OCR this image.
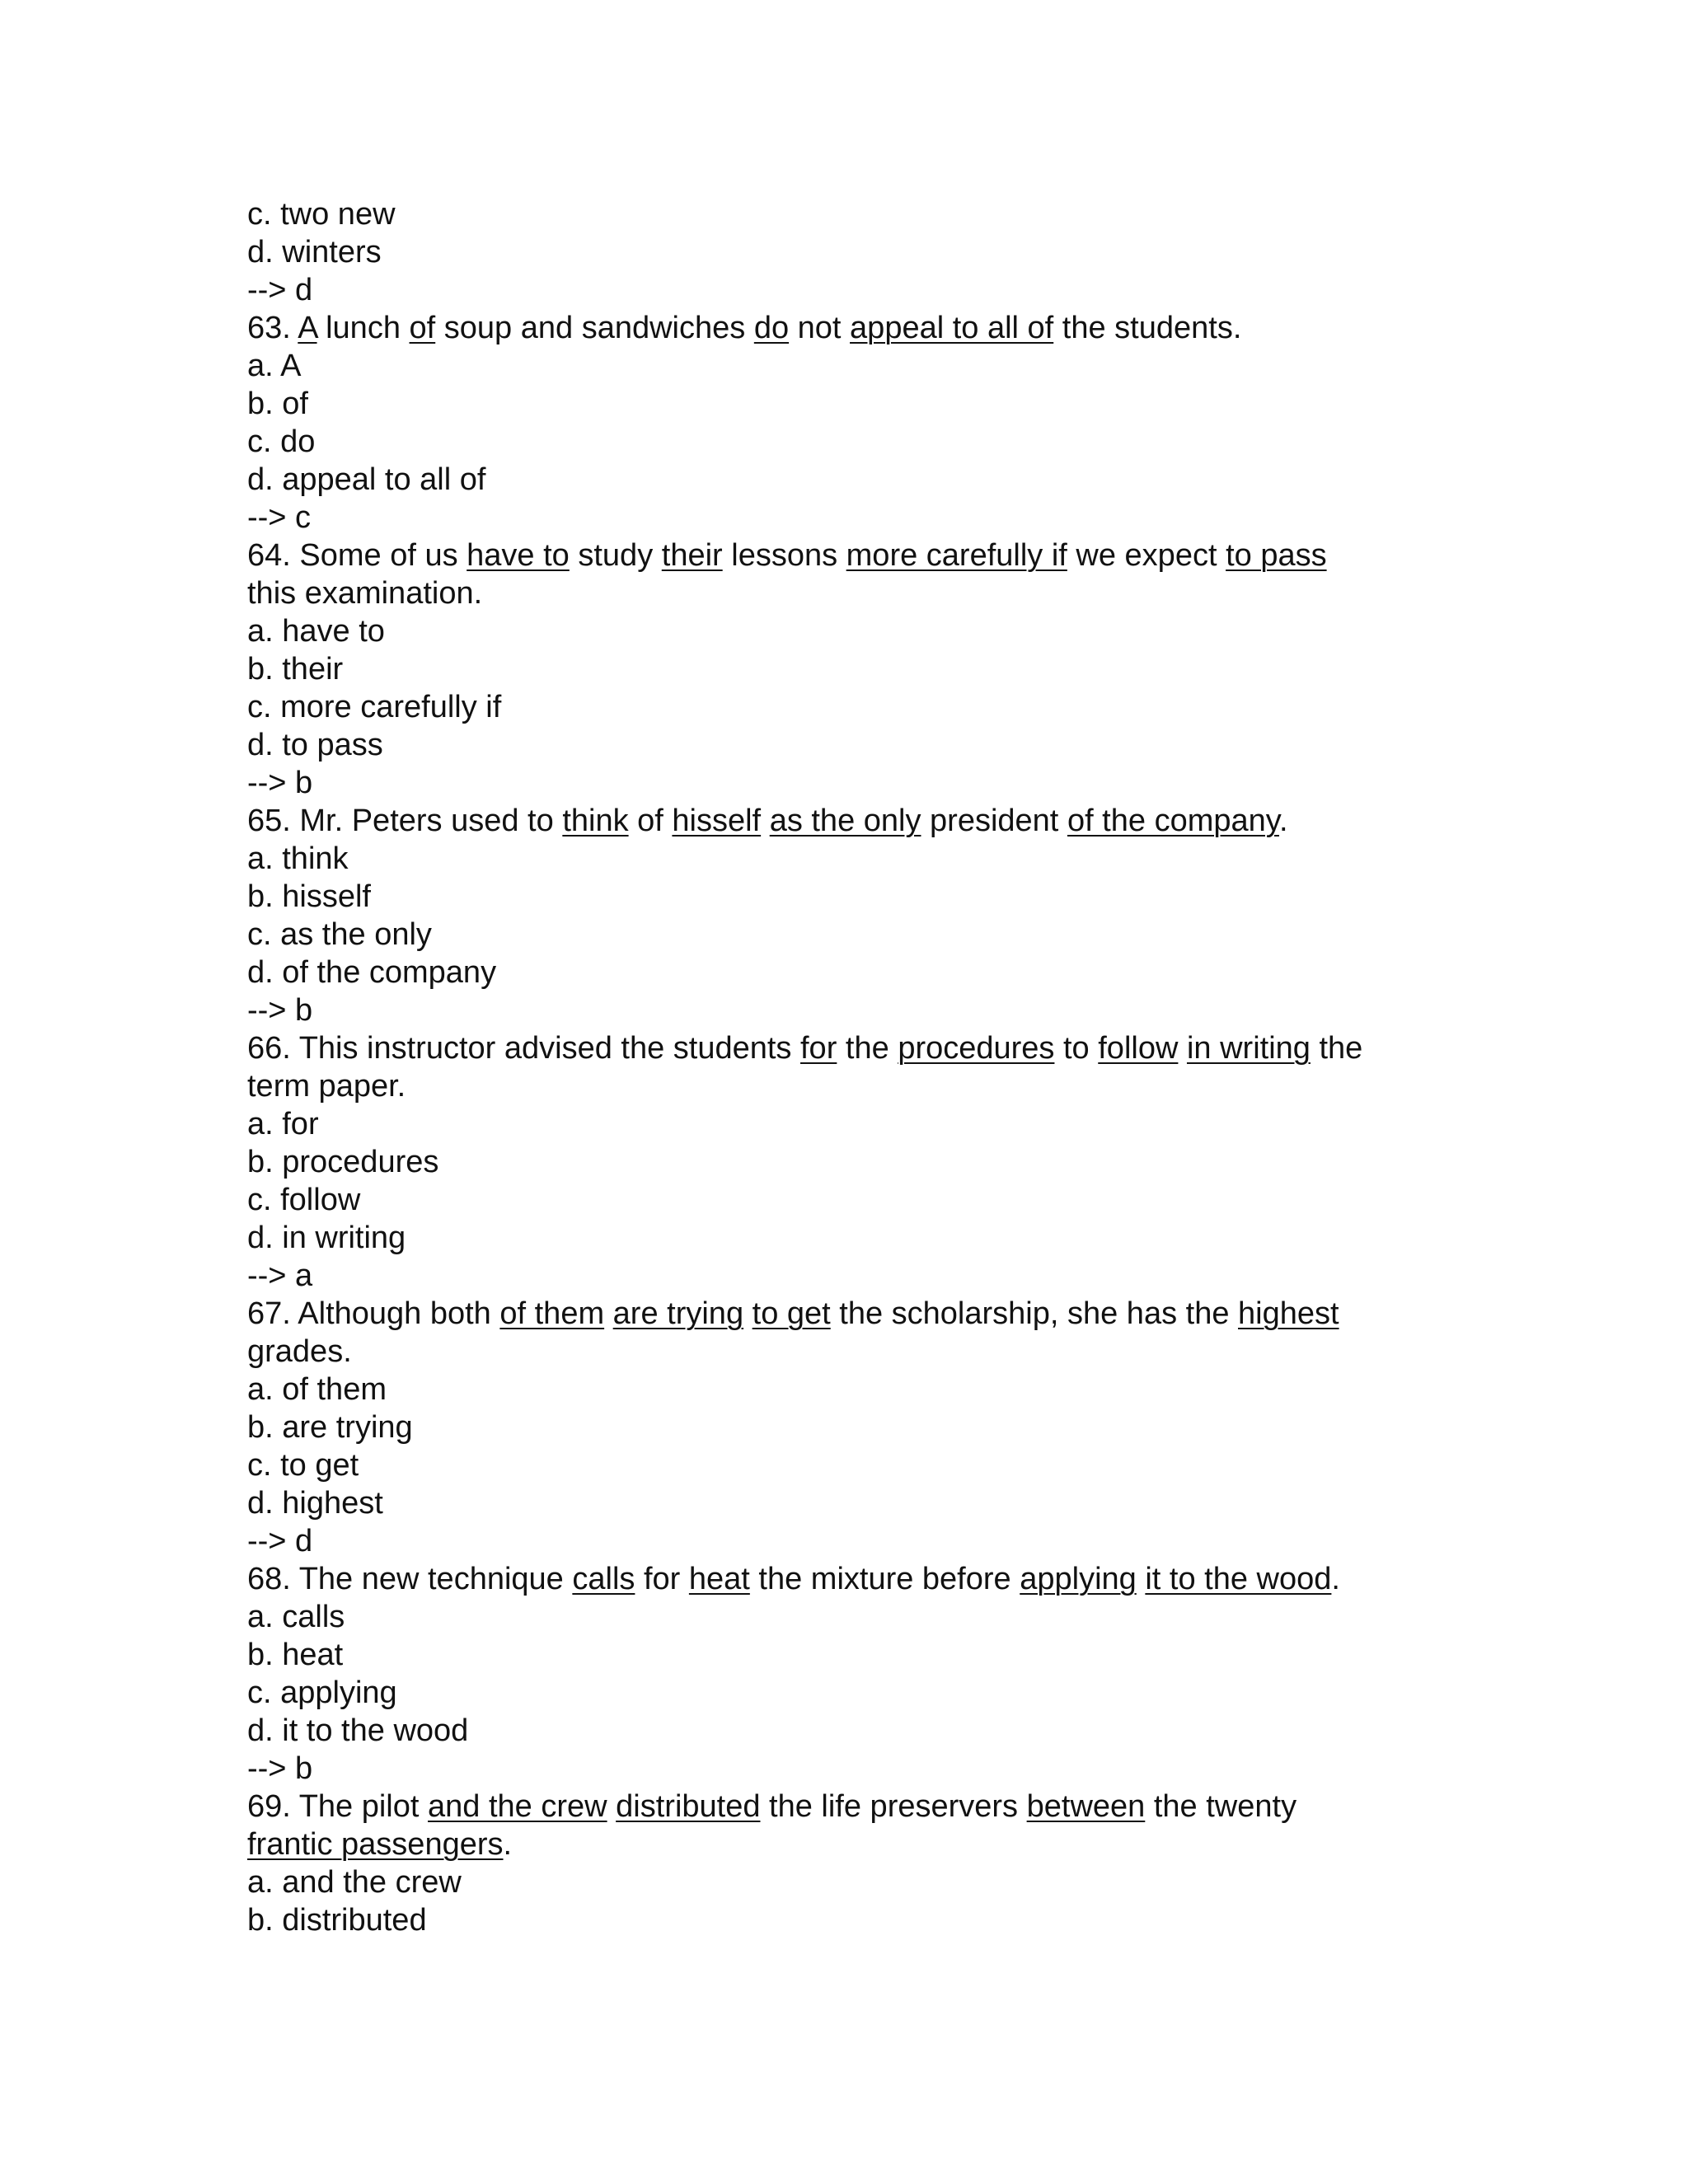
c. two new
d. winters
--> d
63. A lunch of soup and sandwiches do not appeal to all of the students.
a. A
b. of
c. do
d. appeal to all of
--> c
64. Some of us have to study their lessons more carefully if we expect to pass
this examination.
a. have to
b. their
c. more carefully if
d. to pass
--> b
65. Mr. Peters used to think of hisself as the only president of the company.
a. think
b. hisself
c. as the only
d. of the company
--> b
66. This instructor advised the students for the procedures to follow in writing the
term paper.
a. for
b. procedures
c. follow
d. in writing
--> a
67. Although both of them are trying to get the scholarship, she has the highest
grades.
a. of them
b. are trying
c. to get
d. highest
--> d
68. The new technique calls for heat the mixture before applying it to the wood.
a. calls
b. heat
c. applying
d. it to the wood
--> b
69. The pilot and the crew distributed the life preservers between the twenty
frantic passengers.
a. and the crew
b. distributed
